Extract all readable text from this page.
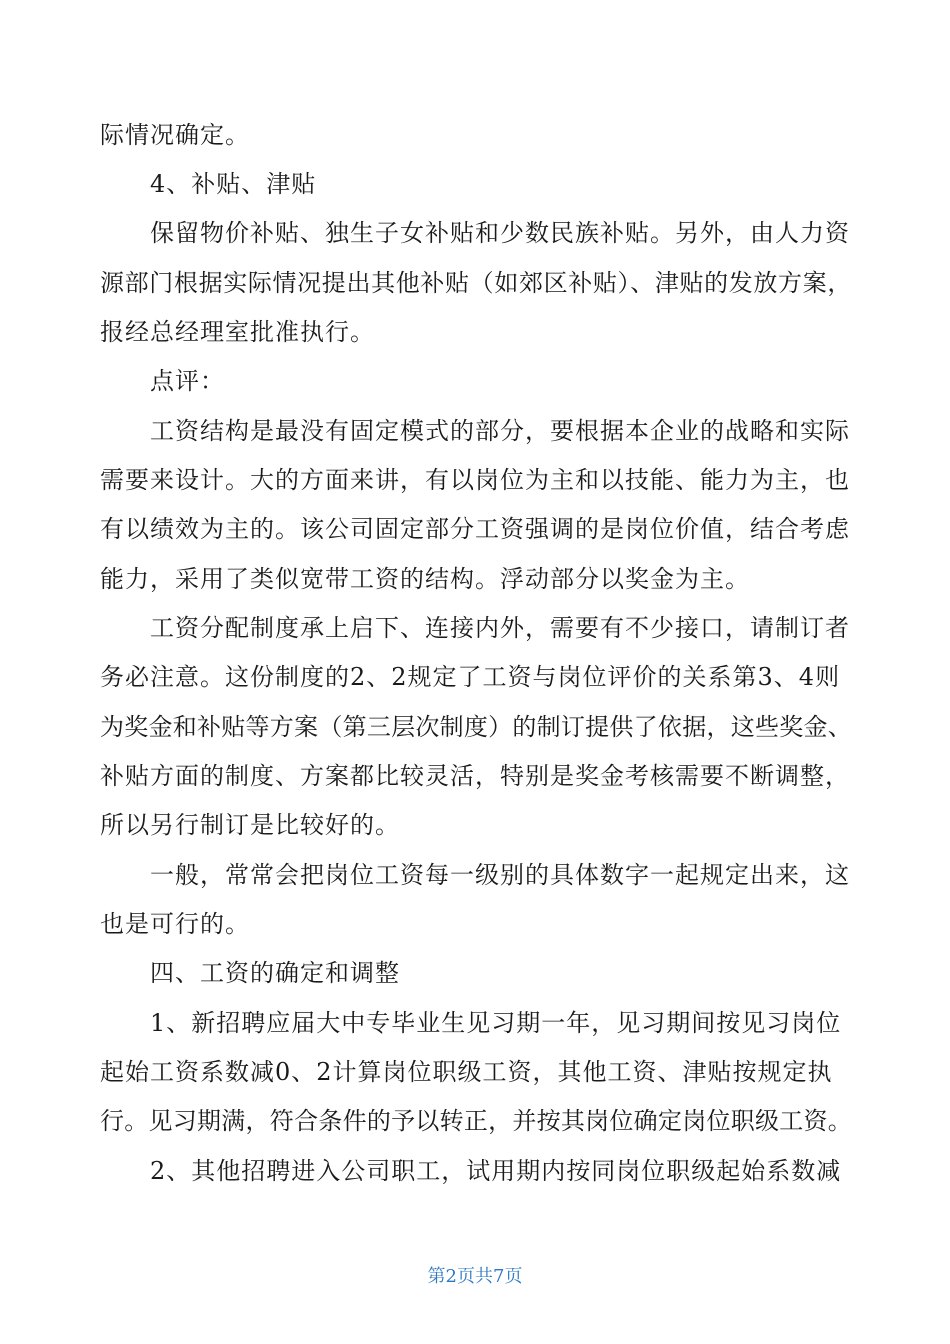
际情况确定。
4、补贴、津贴
保留物价补贴、独生子女补贴和少数民族补贴。另外，由人力资
源部门根据实际情况提出其他补贴（如郊区补贴）、津贴的发放方案，
报经总经理室批准执行。
点评：
工资结构是最没有固定模式的部分，要根据本企业的战略和实际
需要来设计。大的方面来讲，有以岗位为主和以技能、能力为主，也
有以绩效为主的。该公司固定部分工资强调的是岗位价值，结合考虑
能力，采用了类似宽带工资的结构。浮动部分以奖金为主。
工资分配制度承上启下、连接内外，需要有不少接口，请制订者
务必注意。这份制度的2、2规定了工资与岗位评价的关系第3、4则
为奖金和补贴等方案（第三层次制度）的制订提供了依据，这些奖金、
补贴方面的制度、方案都比较灵活，特别是奖金考核需要不断调整，
所以另行制订是比较好的。
一般，常常会把岗位工资每一级别的具体数字一起规定出来，这
也是可行的。
四、工资的确定和调整
1、新招聘应届大中专毕业生见习期一年，见习期间按见习岗位
起始工资系数减0、2计算岗位职级工资，其他工资、津贴按规定执
行。见习期满，符合条件的予以转正，并按其岗位确定岗位职级工资。
2、其他招聘进入公司职工，试用期内按同岗位职级起始系数减
第2页共7页
